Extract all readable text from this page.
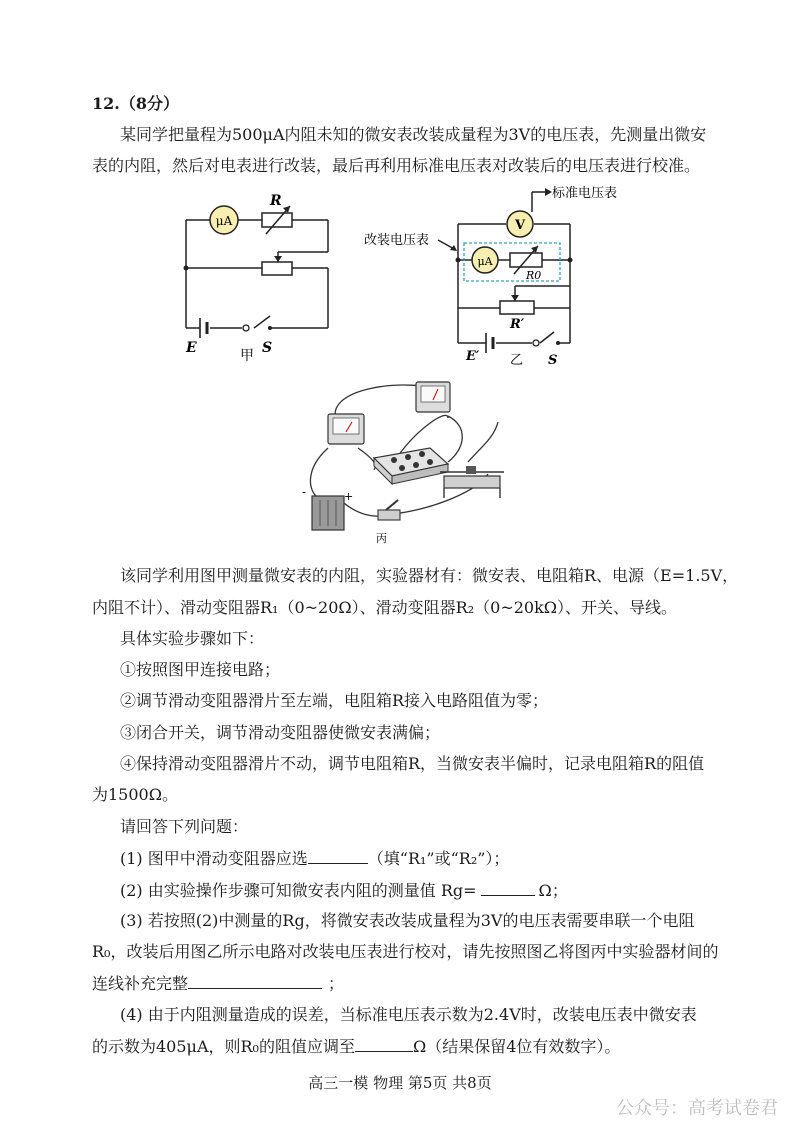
12.（8分）
某同学把量程为500μA内阻未知的微安表改装成量程为3V的电压表，先测量出微安
表的内阻，然后对电表进行改装，最后再利用标准电压表对改装后的电压表进行校准。
μA
R
E	S
甲
V
μA
标准电压表
改装电压表
R0
R′
E′ 乙 S
-	+
丙
该同学利用图甲测量微安表的内阻，实验器材有：微安表、电阻箱R、电源（E=1.5V，
内阻不计）、滑动变阻器R₁（0~20Ω）、滑动变阻器R₂（0~20kΩ）、开关、导线。
具体实验步骤如下：
①按照图甲连接电路；
②调节滑动变阻器滑片至左端，电阻箱R接入电路阻值为零；
③闭合开关，调节滑动变阻器使微安表满偏；
④保持滑动变阻器滑片不动，调节电阻箱R，当微安表半偏时，记录电阻箱R的阻值
为1500Ω。
请回答下列问题：
(1) 图甲中滑动变阻器应选	（填“R₁”或“R₂”）；
(2) 由实验操作步骤可知微安表内阻的测量值 Rg=	Ω；
(3) 若按照(2)中测量的Rg，将微安表改装成量程为3V的电压表需要串联一个电阻
R₀，改装后用图乙所示电路对改装电压表进行校对，请先按照图乙将图丙中实验器材间的
连线补充完整	；
(4) 由于内阻测量造成的误差，当标准电压表示数为2.4V时，改装电压表中微安表
的示数为405μA，则R₀的阻值应调至	Ω（结果保留4位有效数字）。
高三一模 物理 第5页 共8页
公众号：高考试卷君
